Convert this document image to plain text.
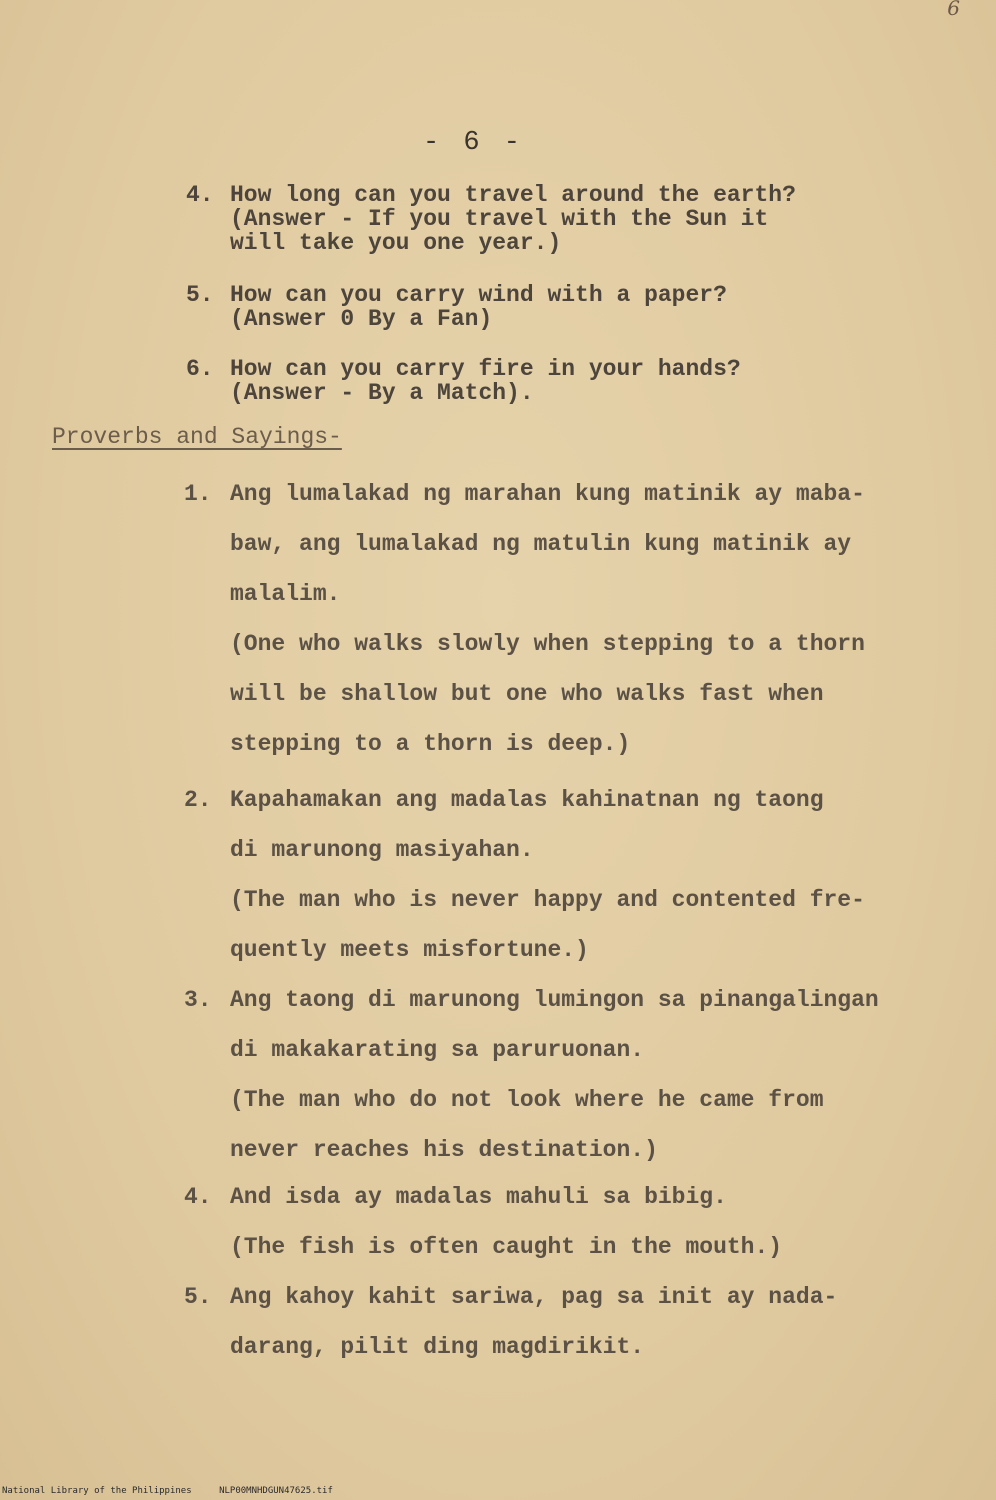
6
- 6 -
4. How long can you travel around the earth?
(Answer - If you travel with the Sun it
will take you one year.)
5. How can you carry wind with a paper?
(Answer 0 By a Fan)
6. How can you carry fire in your hands?
(Answer - By a Match).
Proverbs and Sayings-
1. Ang lumalakad ng marahan kung matinik ay maba-
baw, ang lumalakad ng matulin kung matinik ay
malalim.
(One who walks slowly when stepping to a thorn
will be shallow but one who walks fast when
stepping to a thorn is deep.)
2. Kapahamakan ang madalas kahinatnan ng taong
di marunong masiyahan.
(The man who is never happy and contented fre-
quently meets misfortune.)
3. Ang taong di marunong lumingon sa pinangalingan
di makakarating sa paruruonan.
(The man who do not look where he came from
never reaches his destination.)
4. And isda ay madalas mahuli sa bibig.
(The fish is often caught in the mouth.)
5. Ang kahoy kahit sariwa, pag sa init ay nada-
darang, pilit ding magdirikit.
National Library of the Philippines	NLP00MNHDGUN47625.tif
